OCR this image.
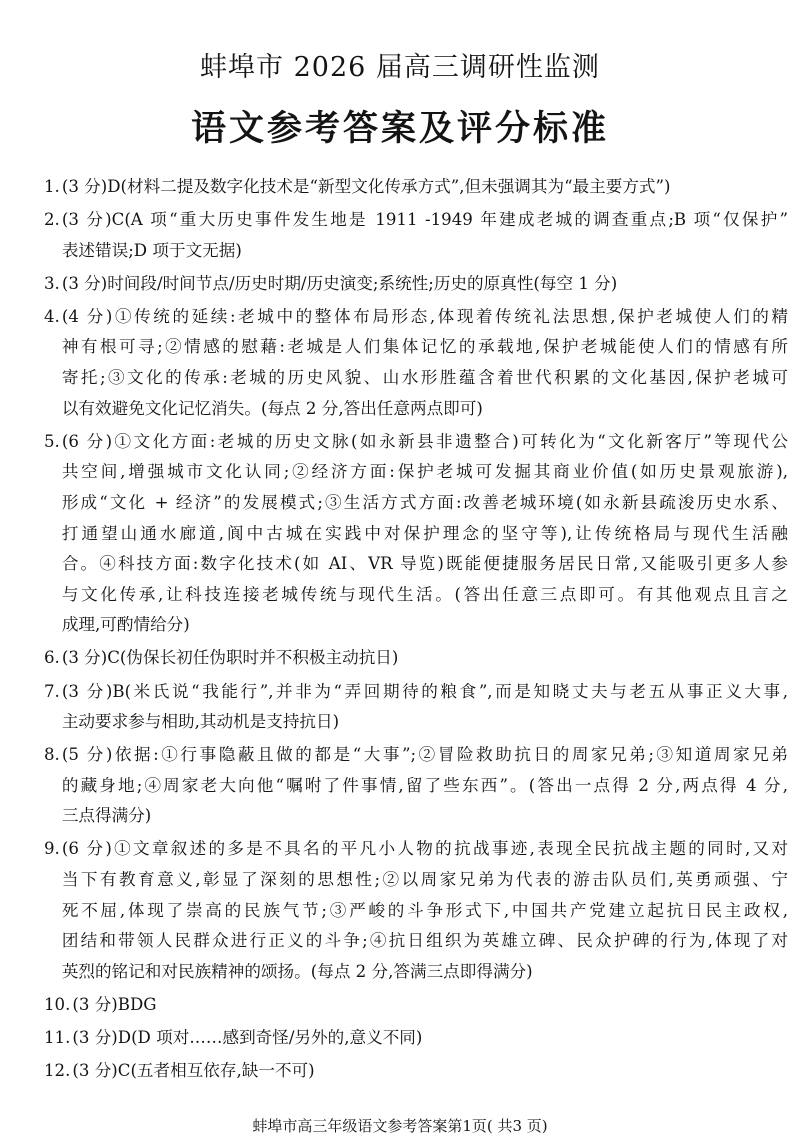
蚌埠市 2026 届高三调研性监测
语文参考答案及评分标准
1. (3 分)D(材料二提及数字化技术是“新型文化传承方式”,但未强调其为“最主要方式”)
2. (3 分)C(A 项“重大历史事件发生地是 1911 -1949 年建成老城的调查重点;B 项“仅保护”
表述错误;D 项于文无据)
3. (3 分)时间段/时间节点/历史时期/历史演变;系统性;历史的原真性(每空 1 分)
4. (4 分)①传统的延续:老城中的整体布局形态,体现着传统礼法思想,保护老城使人们的精
神有根可寻;②情感的慰藉:老城是人们集体记忆的承载地,保护老城能使人们的情感有所
寄托;③文化的传承:老城的历史风貌、山水形胜蕴含着世代积累的文化基因,保护老城可
以有效避免文化记忆消失。(每点 2 分,答出任意两点即可)
5. (6 分)①文化方面:老城的历史文脉(如永新县非遗整合)可转化为“文化新客厅”等现代公
共空间,增强城市文化认同;②经济方面:保护老城可发掘其商业价值(如历史景观旅游),
形成“文化 + 经济”的发展模式;③生活方式方面:改善老城环境(如永新县疏浚历史水系、
打通望山通水廊道,阆中古城在实践中对保护理念的坚守等),让传统格局与现代生活融
合。④科技方面:数字化技术(如 AI、VR 导览)既能便捷服务居民日常,又能吸引更多人参
与文化传承,让科技连接老城传统与现代生活。(答出任意三点即可。有其他观点且言之
成理,可酌情给分)
6. (3 分)C(伪保长初任伪职时并不积极主动抗日)
7. (3 分)B(米氏说“我能行”,并非为“弄回期待的粮食”,而是知晓丈夫与老五从事正义大事,
主动要求参与相助,其动机是支持抗日)
8. (5 分)依据:①行事隐蔽且做的都是“大事”;②冒险救助抗日的周家兄弟;③知道周家兄弟
的藏身地;④周家老大向他“嘱咐了件事情,留了些东西”。(答出一点得 2 分,两点得 4 分,
三点得满分)
9. (6 分)①文章叙述的多是不具名的平凡小人物的抗战事迹,表现全民抗战主题的同时,又对
当下有教育意义,彰显了深刻的思想性;②以周家兄弟为代表的游击队员们,英勇顽强、宁
死不屈,体现了崇高的民族气节;③严峻的斗争形式下,中国共产党建立起抗日民主政权,
团结和带领人民群众进行正义的斗争;④抗日组织为英雄立碑、民众护碑的行为,体现了对
英烈的铭记和对民族精神的颂扬。(每点 2 分,答满三点即得满分)
10. (3 分)BDG
11. (3 分)D(D 项对……感到奇怪/另外的,意义不同)
12. (3 分)C(五者相互依存,缺一不可)
蚌埠市高三年级语文参考答案第1页( 共3 页)
